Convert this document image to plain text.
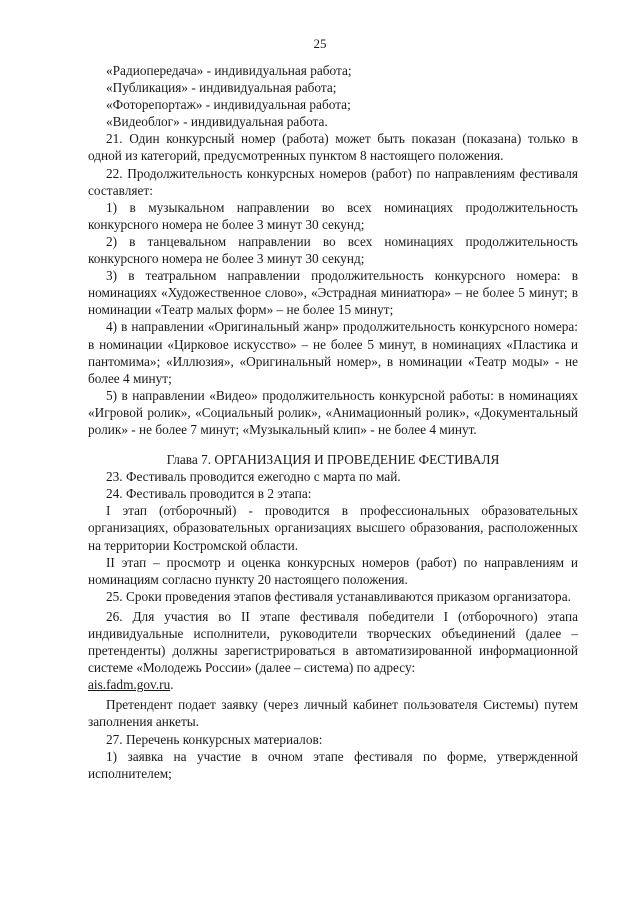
25

«Радиопередача» - индивидуальная работа;

«Публикация» - индивидуальная работа;

«Фоторепортаж» - индивидуальная работа;

«Видеоблог» - индивидуальная работа.

21. Один конкурсный номер (работа) может быть показан (показана) только в одной из категорий, предусмотренных пунктом 8 настоящего положения.

22. Продолжительность конкурсных номеров (работ) по направлениям фестиваля составляет:

1) в музыкальном направлении во всех номинациях продолжительность конкурсного номера не более 3 минут 30 секунд;

2) в танцевальном направлении во всех номинациях продолжительность конкурсного номера не более 3 минут 30 секунд;

3) в театральном направлении продолжительность конкурсного номера: в номинациях «Художественное слово», «Эстрадная миниатюра» – не более 5 минут; в номинации «Театр малых форм» – не более 15 минут;

4) в направлении «Оригинальный жанр» продолжительность конкурсного номера: в номинации «Цирковое искусство» – не более 5 минут, в номинациях «Пластика и пантомима»; «Иллюзия», «Оригинальный номер», в номинации «Театр моды» - не более 4 минут;

5) в направлении «Видео» продолжительность конкурсной работы: в номинациях «Игровой ролик», «Социальный ролик», «Анимационный ролик», «Документальный ролик» - не более 7 минут; «Музыкальный клип» - не более 4 минут.

Глава 7. ОРГАНИЗАЦИЯ И ПРОВЕДЕНИЕ ФЕСТИВАЛЯ

23. Фестиваль проводится ежегодно с марта по май.

24. Фестиваль проводится в 2 этапа:

I этап (отборочный) - проводится в профессиональных образовательных организациях, образовательных организациях высшего образования, расположенных на территории Костромской области.

II этап – просмотр и оценка конкурсных номеров (работ) по направлениям и номинациям согласно пункту 20 настоящего положения.

25. Сроки проведения этапов фестиваля устанавливаются приказом организатора.

26. Для участия во II этапе фестиваля победители I (отборочного) этапа индивидуальные исполнители, руководители творческих объединений (далее – претенденты) должны зарегистрироваться в автоматизированной информационной системе «Молодежь России» (далее – система) по адресу:

ais.fadm.gov.ru.

Претендент подает заявку (через личный кабинет пользователя Системы) путем заполнения анкеты.

27. Перечень конкурсных материалов:

1) заявка на участие в очном этапе фестиваля по форме, утвержденной исполнителем;
